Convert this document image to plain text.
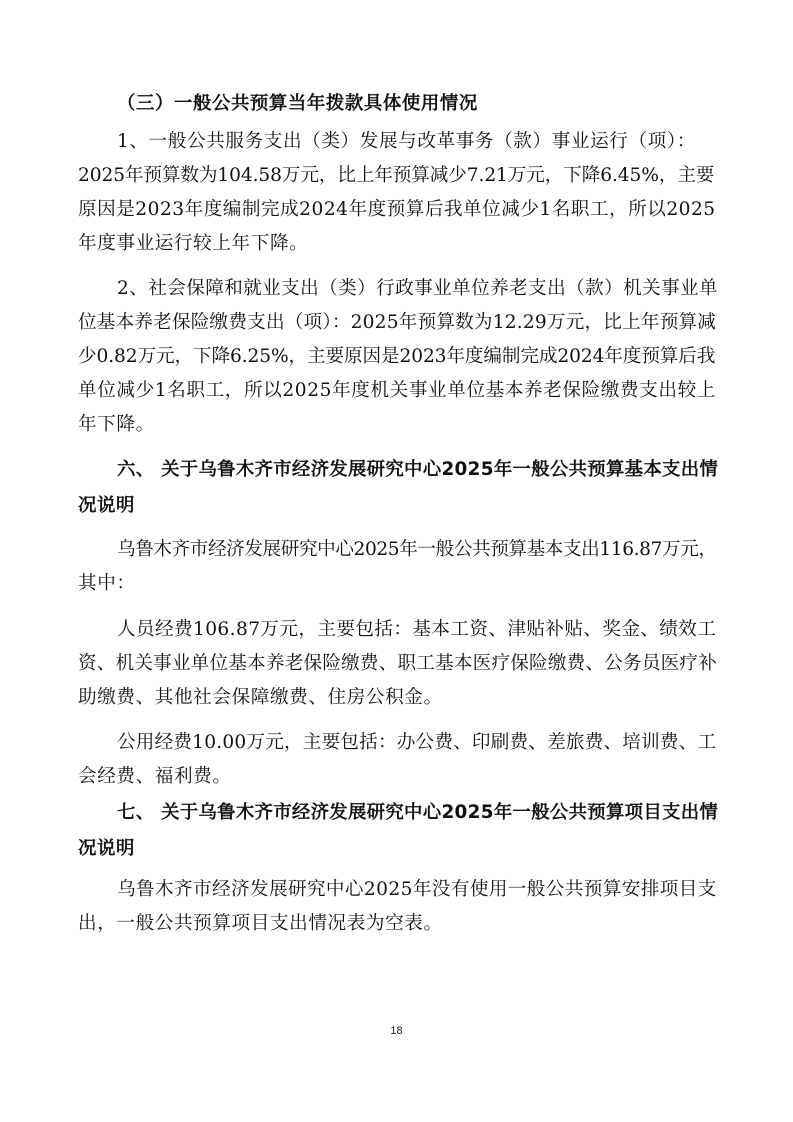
（三）一般公共预算当年拨款具体使用情况
1、一般公共服务支出（类）发展与改革事务（款）事业运行（项）：
2025年预算数为104.58万元，比上年预算减少7.21万元，下降6.45%，主要
原因是2023年度编制完成2024年度预算后我单位减少1名职工，所以2025
年度事业运行较上年下降。
2、社会保障和就业支出（类）行政事业单位养老支出（款）机关事业单
位基本养老保险缴费支出（项）：2025年预算数为12.29万元，比上年预算减
少0.82万元，下降6.25%，主要原因是2023年度编制完成2024年度预算后我
单位减少1名职工，所以2025年度机关事业单位基本养老保险缴费支出较上
年下降。
六、 关于乌鲁木齐市经济发展研究中心2025年一般公共预算基本支出情
况说明
乌鲁木齐市经济发展研究中心2025年一般公共预算基本支出116.87万元，
其中：
人员经费106.87万元，主要包括：基本工资、津贴补贴、奖金、绩效工
资、机关事业单位基本养老保险缴费、职工基本医疗保险缴费、公务员医疗补
助缴费、其他社会保障缴费、住房公积金。
公用经费10.00万元，主要包括：办公费、印刷费、差旅费、培训费、工
会经费、福利费。
七、 关于乌鲁木齐市经济发展研究中心2025年一般公共预算项目支出情
况说明
乌鲁木齐市经济发展研究中心2025年没有使用一般公共预算安排项目支
出，一般公共预算项目支出情况表为空表。
18
